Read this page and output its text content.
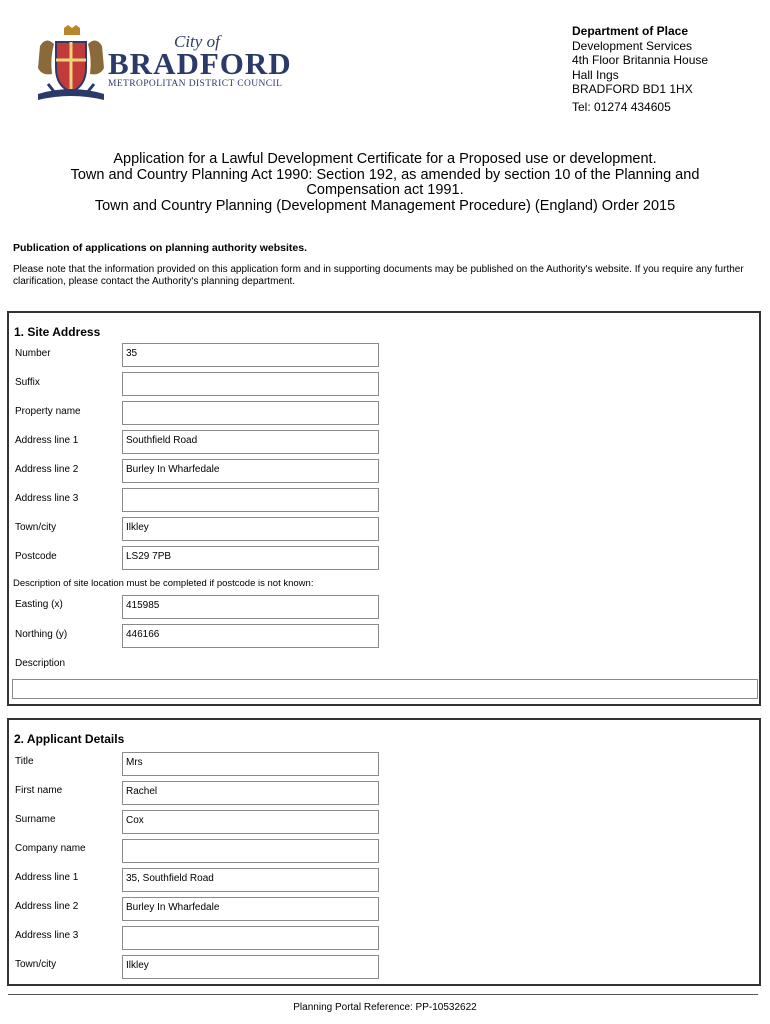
City of
BRADFORD
METROPOLITAN DISTRICT COUNCIL
Department of Place
Development Services
4th Floor Britannia House
Hall Ings
BRADFORD BD1 1HX
Tel: 01274 434605
Application for a Lawful Development Certificate for a Proposed use or development.
Town and Country Planning Act 1990: Section 192, as amended by section 10 of the Planning and
Compensation act 1991.
Town and Country Planning (Development Management Procedure) (England) Order 2015
Publication of applications on planning authority websites.
Please note that the information provided on this application form and in supporting documents may be published on the Authority's website. If you require any further clarification, please contact the Authority's planning department.
1. Site Address
Number	35
Suffix
Property name
Address line 1	Southfield Road
Address line 2	Burley In Wharfedale
Address line 3
Town/city	Ilkley
Postcode	LS29 7PB
Description of site location must be completed if postcode is not known:
Easting (x)	415985
Northing (y)	446166
Description
2. Applicant Details
Title	Mrs
First name	Rachel
Surname	Cox
Company name
Address line 1	35, Southfield Road
Address line 2	Burley In Wharfedale
Address line 3
Town/city	Ilkley
Planning Portal Reference: PP-10532622
